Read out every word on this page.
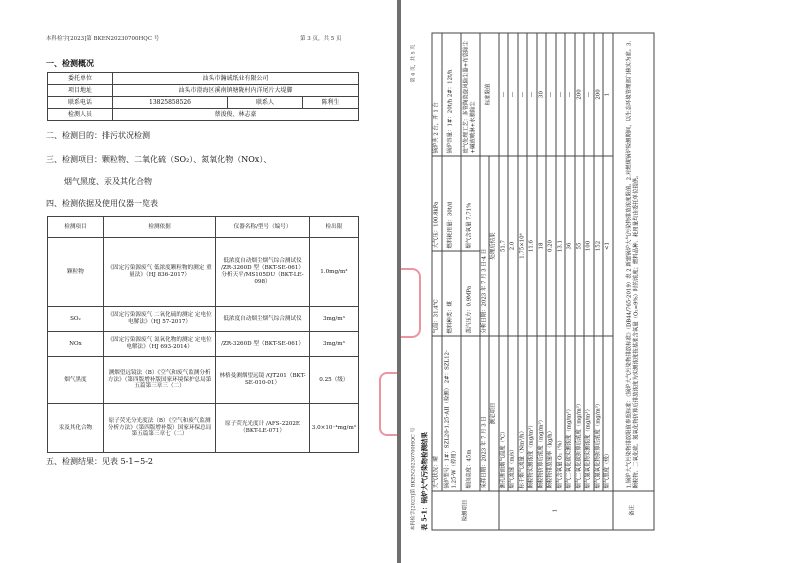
本科检字[2023]第 BKEN20230700HQC 号	第 3 页，共 5 页
一、检测概况
委托单位	汕头市瀚诚纸业有限公司		
项目地址	汕头市澄海区溪南镇塘陇村内洋尾片大堤脚		
联系电话	13825858526	联系人	陈利生
检测人员	蔡浚俊、林志豪		
二、检测目的：排污状况检测
三、检测项目：颗粒物、二氧化硫（SO₂）、氮氧化物（NOx）、
烟气黑度、汞及其化合物
四、检测依据及使用仪器一览表
检测项目	检测依据	仪器名称/型号（编号）	检出限
颗粒物	《固定污染源废气 低浓度颗粒物的测定 重量法》（HJ 836-2017）	低浓度自动烟尘烟气综合测试仪 /ZR-3260D 型（BKT-SE-061）分析天平/MS105DU（BKT-LE-098）	1.0mg/m³
SO₂	《固定污染源废气 二氧化硫的测定 定电位电解法》（HJ 57-2017）	低浓度自动烟尘烟气综合测试仪	3mg/m³
NOx	《固定污染源废气 氮氧化物的测定 定电位电解法》（HJ 693-2014）	/ZR-3260D 型（BKT-SE-061）	3mg/m³
烟气黑度	测烟望远镜法（B）《空气和废气监测分析方法》（第四版增补版国家环境保护总局第五篇第三章三（二）	林格曼测烟望远镜 /QT201（BKT-SE-010-01）	0.25（级）
汞及其化合物	原子荧光分光度法（B）《空气和废气监测分析方法》（第四版增补版）国家环保总局 第五篇第三章七（二）	原子荧光光度计 /AFS-2202E（BKT-LE-071）	3.0×10⁻⁴mg/m³
五、检测结果：见表 5-1~5-2	本科检字[2023]第 BKEN20230700HQC 号
第 4 页，共 5 页
表 5-1：锅炉大气污染物检测结果	检测项目	天气状况：晴	气温：31.4℃	大气压：100.8kPa	锅炉共 2 台，开 1 台
	锅炉型号：1#：SZL20-1.25-AII（检测） 2#：SZL12-1.25-W（停用）	燃料种类：煤	燃料耗用量：30t/d	锅炉容量：1#：20t/h 2#：12t/h
	烟囱高度：45m	蒸汽压力：0.9MPa	烟气含氧量 7.71%	废气处理工艺：多管陶瓷旋风除尘器+布袋除尘+碱液喷淋+水膜除尘
	采样日期：2023 年 7 月 3 日	分析日期：2023 年 7 月 3 日-4 日		标准限值
	测定项目	处理后结果		
1	测孔断面烟气温度（℃）	51.7		—
	烟气流速（m/s）	2.0		—
	标干烟气流量（Nm³/h）	1.75×10⁴		—
	颗粒物实测浓度（mg/m³）	11.6		—
	颗粒物折算后浓度（mg/m³）	18		30
	颗粒物排放速率（kg/h）	0.20		—
	烟气含氧量 O₂（%）	13.1		—
	烟气二氧化硫实测浓度（mg/m³）	36		—
	烟气二氧化硫折算后浓度（mg/m³）	55		200
	烟气氮氧化物实测浓度（mg/m³）	100		—
	烟气氮氧化物折算后浓度（mg/m³）	152		200
	烟气黑度（级）	<1		1
备注	1.锅炉大气污染物排放限值参照标准：《锅炉大气污染物排放标准》（DB44/765-2019）表 2 新建锅炉大气污染物排放浓度限值。2.对燃煤锅炉检测期间，以生态环境管理部门核实为准。3.颗粒物、二氧化硫、氮氧化物折算后排放浓度为实测浓度按基准含氧量（O₂=9%）时的浓度；燃料品种、耗用量均由委托单位提供。			
